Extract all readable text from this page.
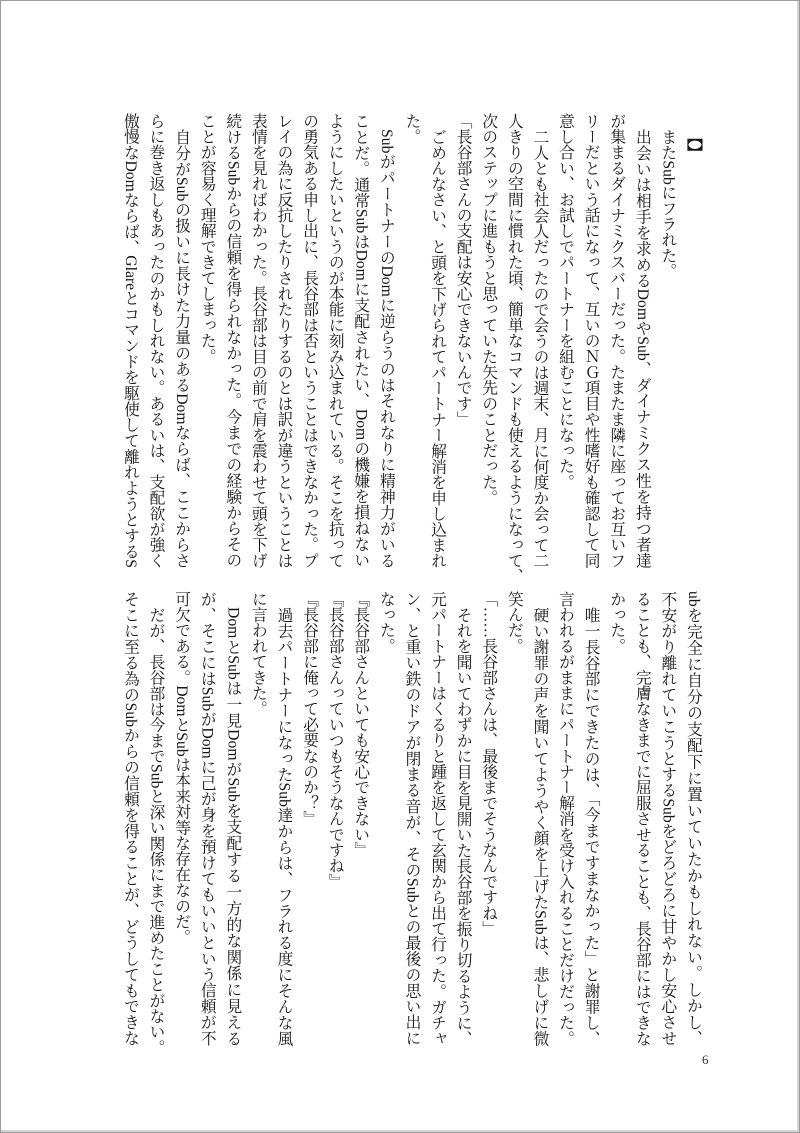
【】
またSubにフラれた。
出会いは相手を求めるDomやSub、ダイナミクス性を持つ者達
が集まるダイナミクスバーだった。たまたま隣に座ってお互いフ
リーだという話になって、互いのＮＧ項目や性嗜好も確認して同
意し合い、お試しでパートナーを組むことになった。
二人とも社会人だったので会うのは週末、月に何度か会って二
人きりの空間に慣れた頃、簡単なコマンドも使えるようになって、
次のステップに進もうと思っていた矢先のことだった。
「長谷部さんの支配は安心できないんです」
ごめんなさい、と頭を下げられてパートナー解消を申し込まれ
た。
SubがパートナーのDomに逆らうのはそれなりに精神力がいる
ことだ。通常SubはDomに支配されたい、Domの機嫌を損ねない
ようにしたいというのが本能に刻み込まれている。そこを抗って
の勇気ある申し出に、長谷部は否ということはできなかった。プ
レイの為に反抗したりされたりするのとは訳が違うということは
表情を見ればわかった。長谷部は目の前で肩を震わせて頭を下げ
続けるSubからの信頼を得られなかった。今までの経験からその
ことが容易く理解できてしまった。
自分がSubの扱いに長けた力量のあるDomならば、ここからさ
らに巻き返しもあったのかもしれない。あるいは、支配欲が強く
傲慢なDomならば、Glareとコマンドを駆使して離れようとするS
ubを完全に自分の支配下に置いていたかもしれない。しかし、
不安がり離れていこうとするSubをどろどろに甘やかし安心させ
ることも、完膚なきまでに屈服させることも、長谷部にはできな
かった。
唯一長谷部にできたのは、「今まですまなかった」と謝罪し、
言われるがままにパートナー解消を受け入れることだけだった。
硬い謝罪の声を聞いてようやく顔を上げたSubは、悲しげに微
笑んだ。
「……長谷部さんは、最後までそうなんですね」
それを聞いてわずかに目を見開いた長谷部を振り切るように、
元パートナーはくるりと踵を返して玄関から出て行った。ガチャ
ン、と重い鉄のドアが閉まる音が、そのSubとの最後の思い出に
なった。
『長谷部さんといても安心できない』
『長谷部さんっていつもそうなんですね』
『長谷部に俺って必要なのか？』
過去パートナーになったSub達からは、フラれる度にそんな風
に言われてきた。
DomとSubは一見DomがSubを支配する一方的な関係に見える
が、そこにはSubがDomに己が身を預けてもいいという信頼が不
可欠である。DomとSubは本来対等な存在なのだ。
だが、長谷部は今までSubと深い関係にまで進めたことがない。
そこに至る為のSubからの信頼を得ることが、どうしてもできな
6
